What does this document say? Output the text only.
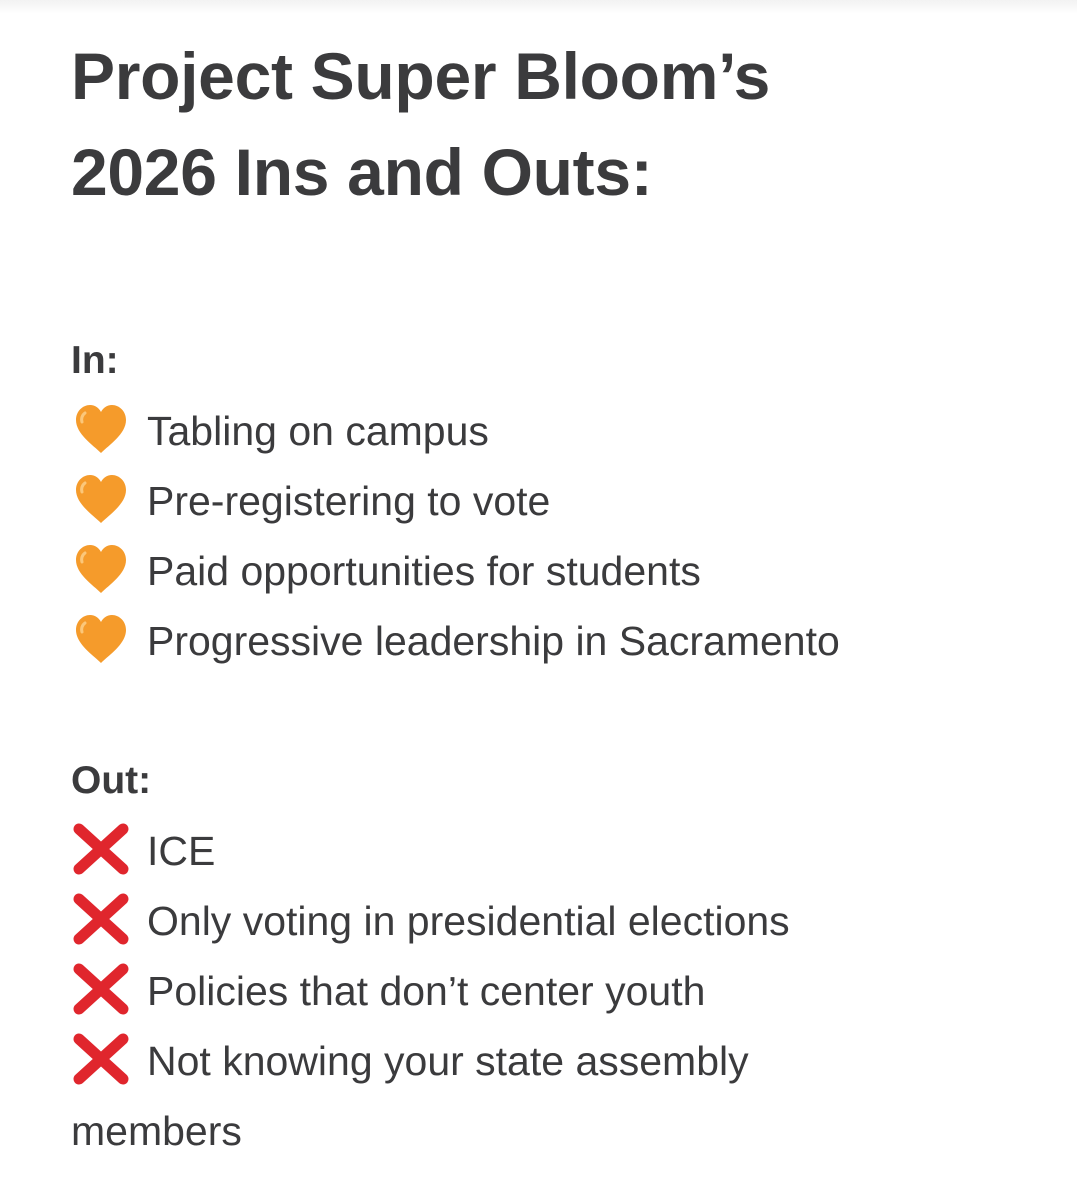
Project Super Bloom’s
2026 Ins and Outs:
In:
Tabling on campus
Pre-registering to vote
Paid opportunities for students
Progressive leadership in Sacramento
Out:
ICE
Only voting in presidential elections
Policies that don’t center youth
Not knowing your state assembly members
